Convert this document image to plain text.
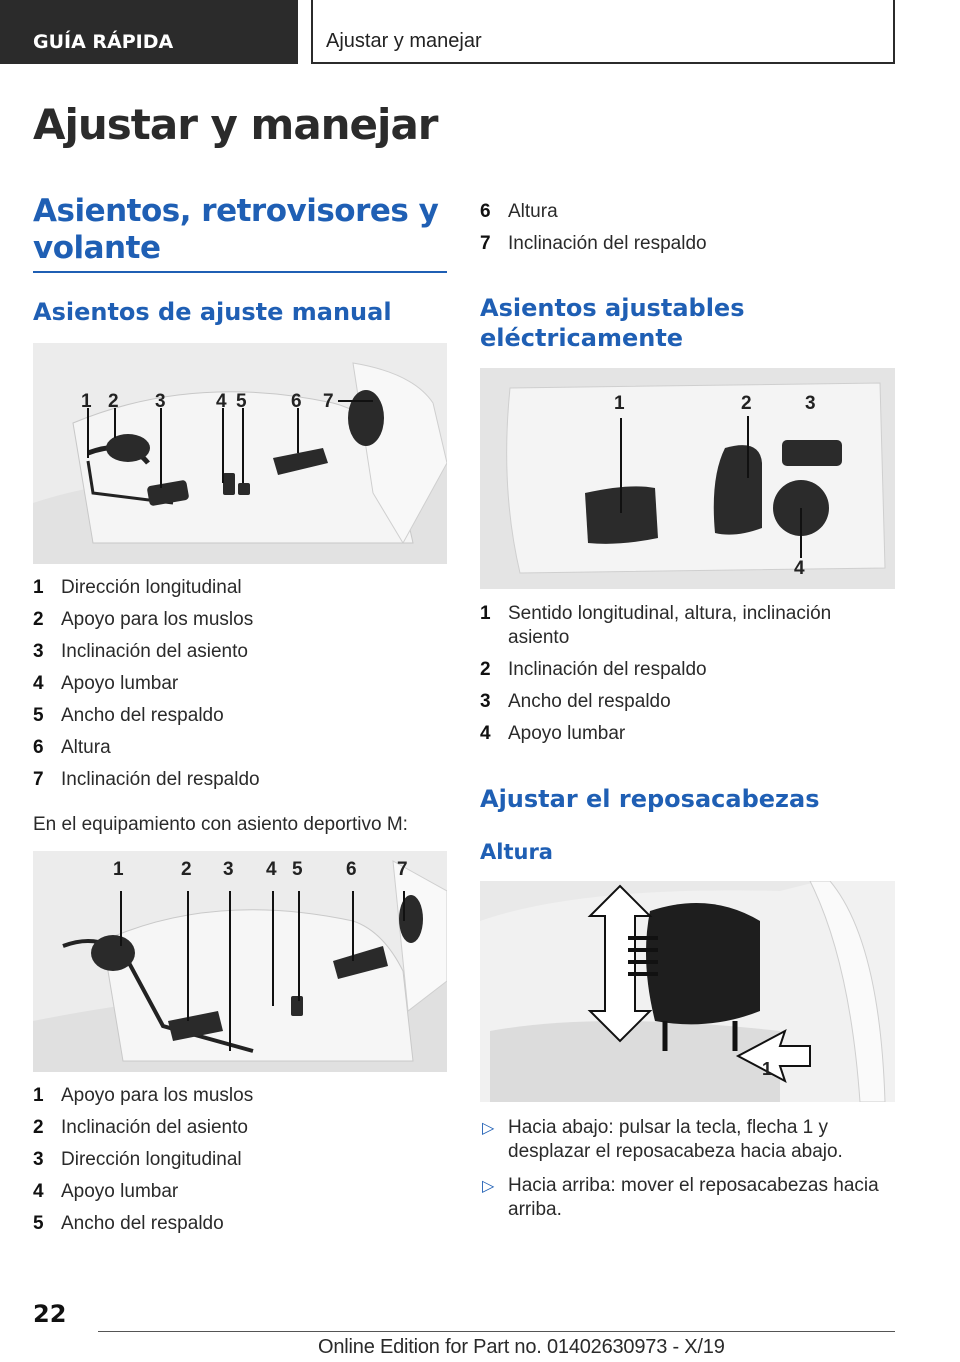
GUÍA RÁPIDA	Ajustar y manejar
Ajustar y manejar
Asientos, retrovisores y volante
Asientos de ajuste manual
1 2 3	4 5 6 7
1 Dirección longitudinal
2 Apoyo para los muslos
3 Inclinación del asiento
4 Apoyo lumbar
5 Ancho del respaldo
6 Altura
7 Inclinación del respaldo
En el equipamiento con asiento deportivo M:
1	2 3 4 5 6 7
1 Apoyo para los muslos
2 Inclinación del asiento
3 Dirección longitudinal
4 Apoyo lumbar
5 Ancho del respaldo
6 Altura
7 Inclinación del respaldo
Asientos ajustables eléctricamente
1	2	3
4
1 Sentido longitudinal, altura, inclinación asiento
2 Inclinación del respaldo
3 Ancho del respaldo
4 Apoyo lumbar
Ajustar el reposacabezas
Altura
1
▷ Hacia abajo: pulsar la tecla, flecha 1 y desplazar el reposacabeza hacia abajo.
▷ Hacia arriba: mover el reposacabezas hacia arriba.
22
Online Edition for Part no. 01402630973 - X/19
